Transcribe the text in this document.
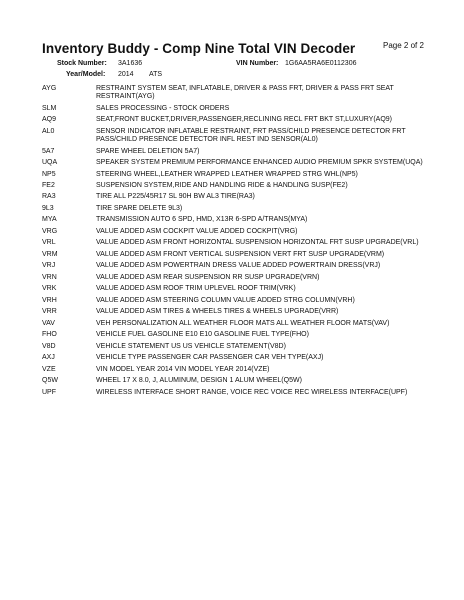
Inventory Buddy - Comp Nine Total VIN Decoder	Page 2 of 2
Stock Number: 3A1636	VIN Number: 1G6AA5RA6E0112306
Year/Model: 2014 ATS
AYG	RESTRAINT SYSTEM SEAT, INFLATABLE, DRIVER & PASS FRT, DRIVER & PASS FRT SEAT RESTRAINT(AYG)
SLM	SALES PROCESSING - STOCK ORDERS
AQ9	SEAT,FRONT BUCKET,DRIVER,PASSENGER,RECLINING RECL FRT BKT ST,LUXURY(AQ9)
AL0	SENSOR INDICATOR INFLATABLE RESTRAINT, FRT PASS/CHILD PRESENCE DETECTOR FRT PASS/CHILD PRESENCE DETECTOR INFL REST IND SENSOR(AL0)
5A7	SPARE WHEEL DELETION 5A7)
UQA	SPEAKER SYSTEM PREMIUM PERFORMANCE ENHANCED AUDIO PREMIUM SPKR SYSTEM(UQA)
NP5	STEERING WHEEL,LEATHER WRAPPED LEATHER WRAPPED STRG WHL(NP5)
FE2	SUSPENSION SYSTEM,RIDE AND HANDLING RIDE & HANDLING SUSP(FE2)
RA3	TIRE ALL P225/45R17 SL 90H BW AL3 TIRE(RA3)
9L3	TIRE SPARE DELETE 9L3)
MYA	TRANSMISSION AUTO 6 SPD, HMD, X13R 6-SPD A/TRANS(MYA)
VRG	VALUE ADDED ASM COCKPIT VALUE ADDED COCKPIT(VRG)
VRL	VALUE ADDED ASM FRONT HORIZONTAL SUSPENSION HORIZONTAL FRT SUSP UPGRADE(VRL)
VRM	VALUE ADDED ASM FRONT VERTICAL SUSPENSION VERT FRT SUSP UPGRADE(VRM)
VRJ	VALUE ADDED ASM POWERTRAIN DRESS VALUE ADDED POWERTRAIN DRESS(VRJ)
VRN	VALUE ADDED ASM REAR SUSPENSION RR SUSP UPGRADE(VRN)
VRK	VALUE ADDED ASM ROOF TRIM UPLEVEL ROOF TRIM(VRK)
VRH	VALUE ADDED ASM STEERING COLUMN VALUE ADDED STRG COLUMN(VRH)
VRR	VALUE ADDED ASM TIRES & WHEELS TIRES & WHEELS UPGRADE(VRR)
VAV	VEH PERSONALIZATION ALL WEATHER FLOOR MATS ALL WEATHER FLOOR MATS(VAV)
FHO	VEHICLE FUEL GASOLINE E10 E10 GASOLINE FUEL TYPE(FHO)
V8D	VEHICLE STATEMENT US US VEHICLE STATEMENT(V8D)
AXJ	VEHICLE TYPE PASSENGER CAR PASSENGER CAR VEH TYPE(AXJ)
VZE	VIN MODEL YEAR 2014 VIN MODEL YEAR 2014(VZE)
Q5W	WHEEL 17 X 8.0, J, ALUMINUM, DESIGN 1 ALUM WHEEL(Q5W)
UPF	WIRELESS INTERFACE SHORT RANGE, VOICE REC VOICE REC WIRELESS INTERFACE(UPF)
